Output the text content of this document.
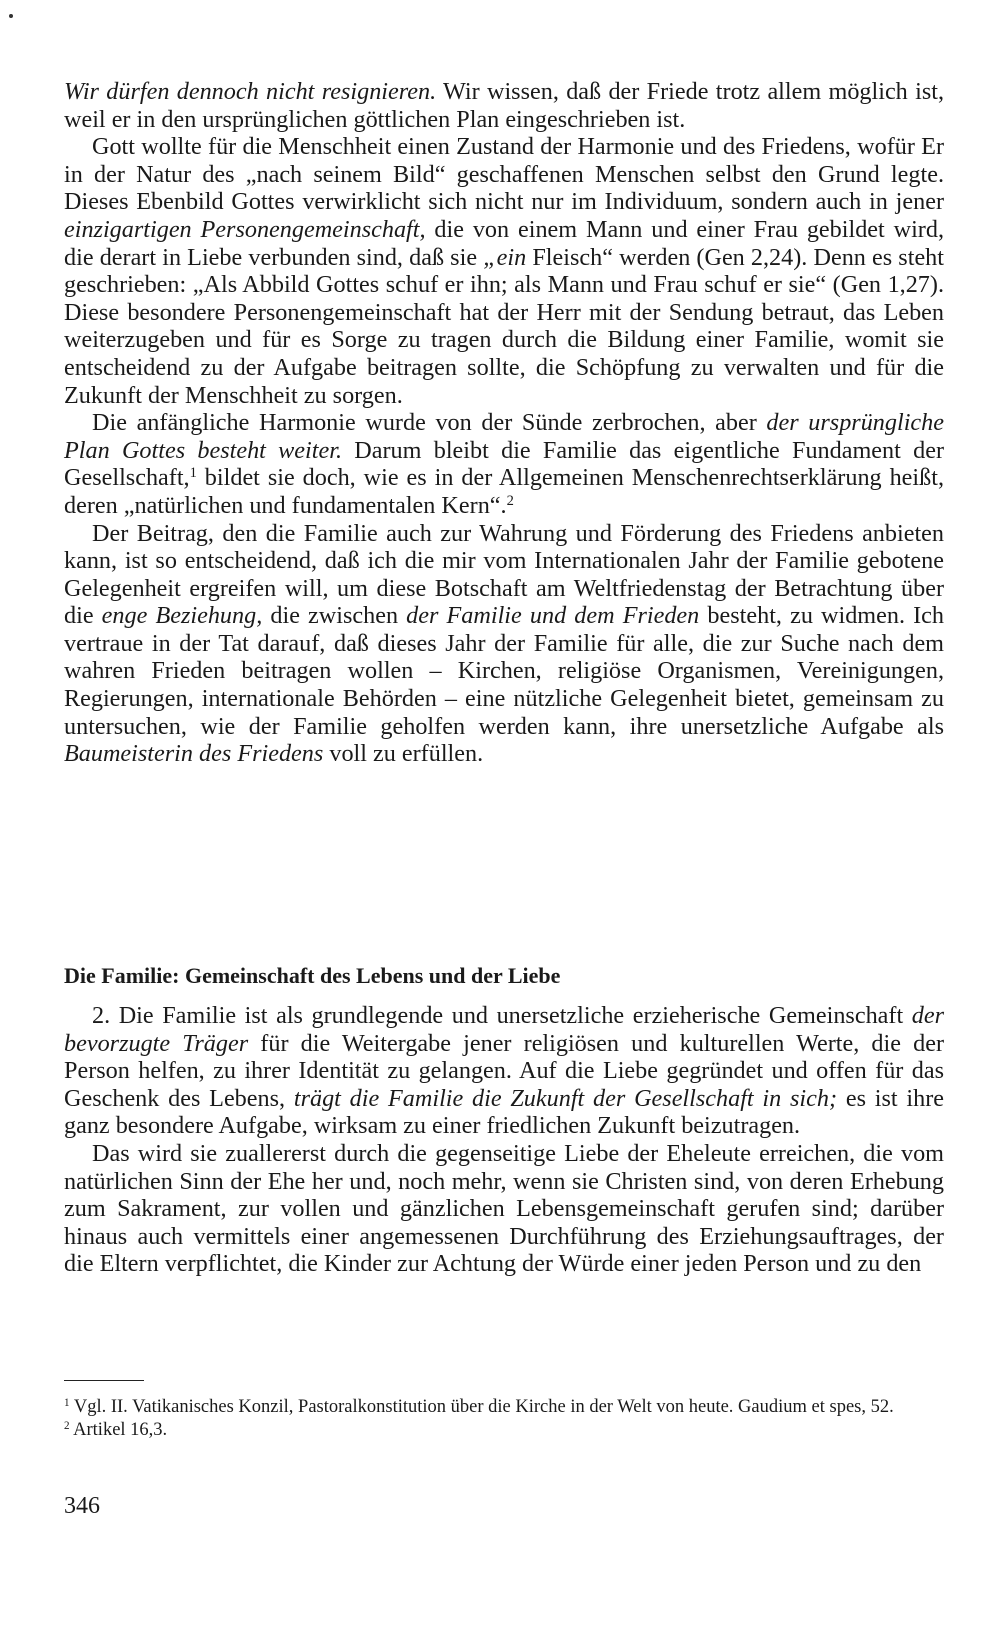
Wir dürfen dennoch nicht resignieren. Wir wissen, daß der Friede trotz allem möglich ist, weil er in den ursprünglichen göttlichen Plan eingeschrieben ist.

Gott wollte für die Menschheit einen Zustand der Harmonie und des Friedens, wofür Er in der Natur des „nach seinem Bild“ geschaffenen Menschen selbst den Grund legte. Dieses Ebenbild Gottes verwirklicht sich nicht nur im Individuum, sondern auch in jener einzigartigen Personengemeinschaft, die von einem Mann und einer Frau gebildet wird, die derart in Liebe verbunden sind, daß sie „ein Fleisch“ werden (Gen 2,24). Denn es steht geschrieben: „Als Abbild Gottes schuf er ihn; als Mann und Frau schuf er sie“ (Gen 1,27). Diese besondere Personengemeinschaft hat der Herr mit der Sendung betraut, das Leben weiterzugeben und für es Sorge zu tragen durch die Bildung einer Familie, womit sie entscheidend zu der Aufgabe beitragen sollte, die Schöpfung zu verwalten und für die Zukunft der Menschheit zu sorgen.

Die anfängliche Harmonie wurde von der Sünde zerbrochen, aber der ursprüngliche Plan Gottes besteht weiter. Darum bleibt die Familie das eigentliche Fundament der Gesellschaft,$^1$ bildet sie doch, wie es in der Allgemeinen Menschenrechtserklärung heißt, deren „natürlichen und fundamentalen Kern“.$^2$

Der Beitrag, den die Familie auch zur Wahrung und Förderung des Friedens anbieten kann, ist so entscheidend, daß ich die mir vom Internationalen Jahr der Familie gebotene Gelegenheit ergreifen will, um diese Botschaft am Weltfriedenstag der Betrachtung über die enge Beziehung, die zwischen der Familie und dem Frieden besteht, zu widmen. Ich vertraue in der Tat darauf, daß dieses Jahr der Familie für alle, die zur Suche nach dem wahren Frieden beitragen wollen – Kirchen, religiöse Organismen, Vereinigungen, Regierungen, internationale Behörden – eine nützliche Gelegenheit bietet, gemeinsam zu untersuchen, wie der Familie geholfen werden kann, ihre unersetzliche Aufgabe als Baumeisterin des Friedens voll zu erfüllen.

Die Familie: Gemeinschaft des Lebens und der Liebe

2. Die Familie ist als grundlegende und unersetzliche erzieherische Gemeinschaft der bevorzugte Träger für die Weitergabe jener religiösen und kulturellen Werte, die der Person helfen, zu ihrer Identität zu gelangen. Auf die Liebe gegründet und offen für das Geschenk des Lebens, trägt die Familie die Zukunft der Gesellschaft in sich; es ist ihre ganz besondere Aufgabe, wirksam zu einer friedlichen Zukunft beizutragen.

Das wird sie zuallererst durch die gegenseitige Liebe der Eheleute erreichen, die vom natürlichen Sinn der Ehe her und, noch mehr, wenn sie Christen sind, von deren Erhebung zum Sakrament, zur vollen und gänzlichen Lebensgemeinschaft gerufen sind; darüber hinaus auch vermittels einer angemessenen Durchführung des Erziehungsauftrages, der die Eltern verpflichtet, die Kinder zur Achtung der Würde einer jeden Person und zu den

$^1$ Vgl. II. Vatikanisches Konzil, Pastoralkonstitution über die Kirche in der Welt von heute. Gaudium et spes, 52.

$^2$ Artikel 16,3.

346
